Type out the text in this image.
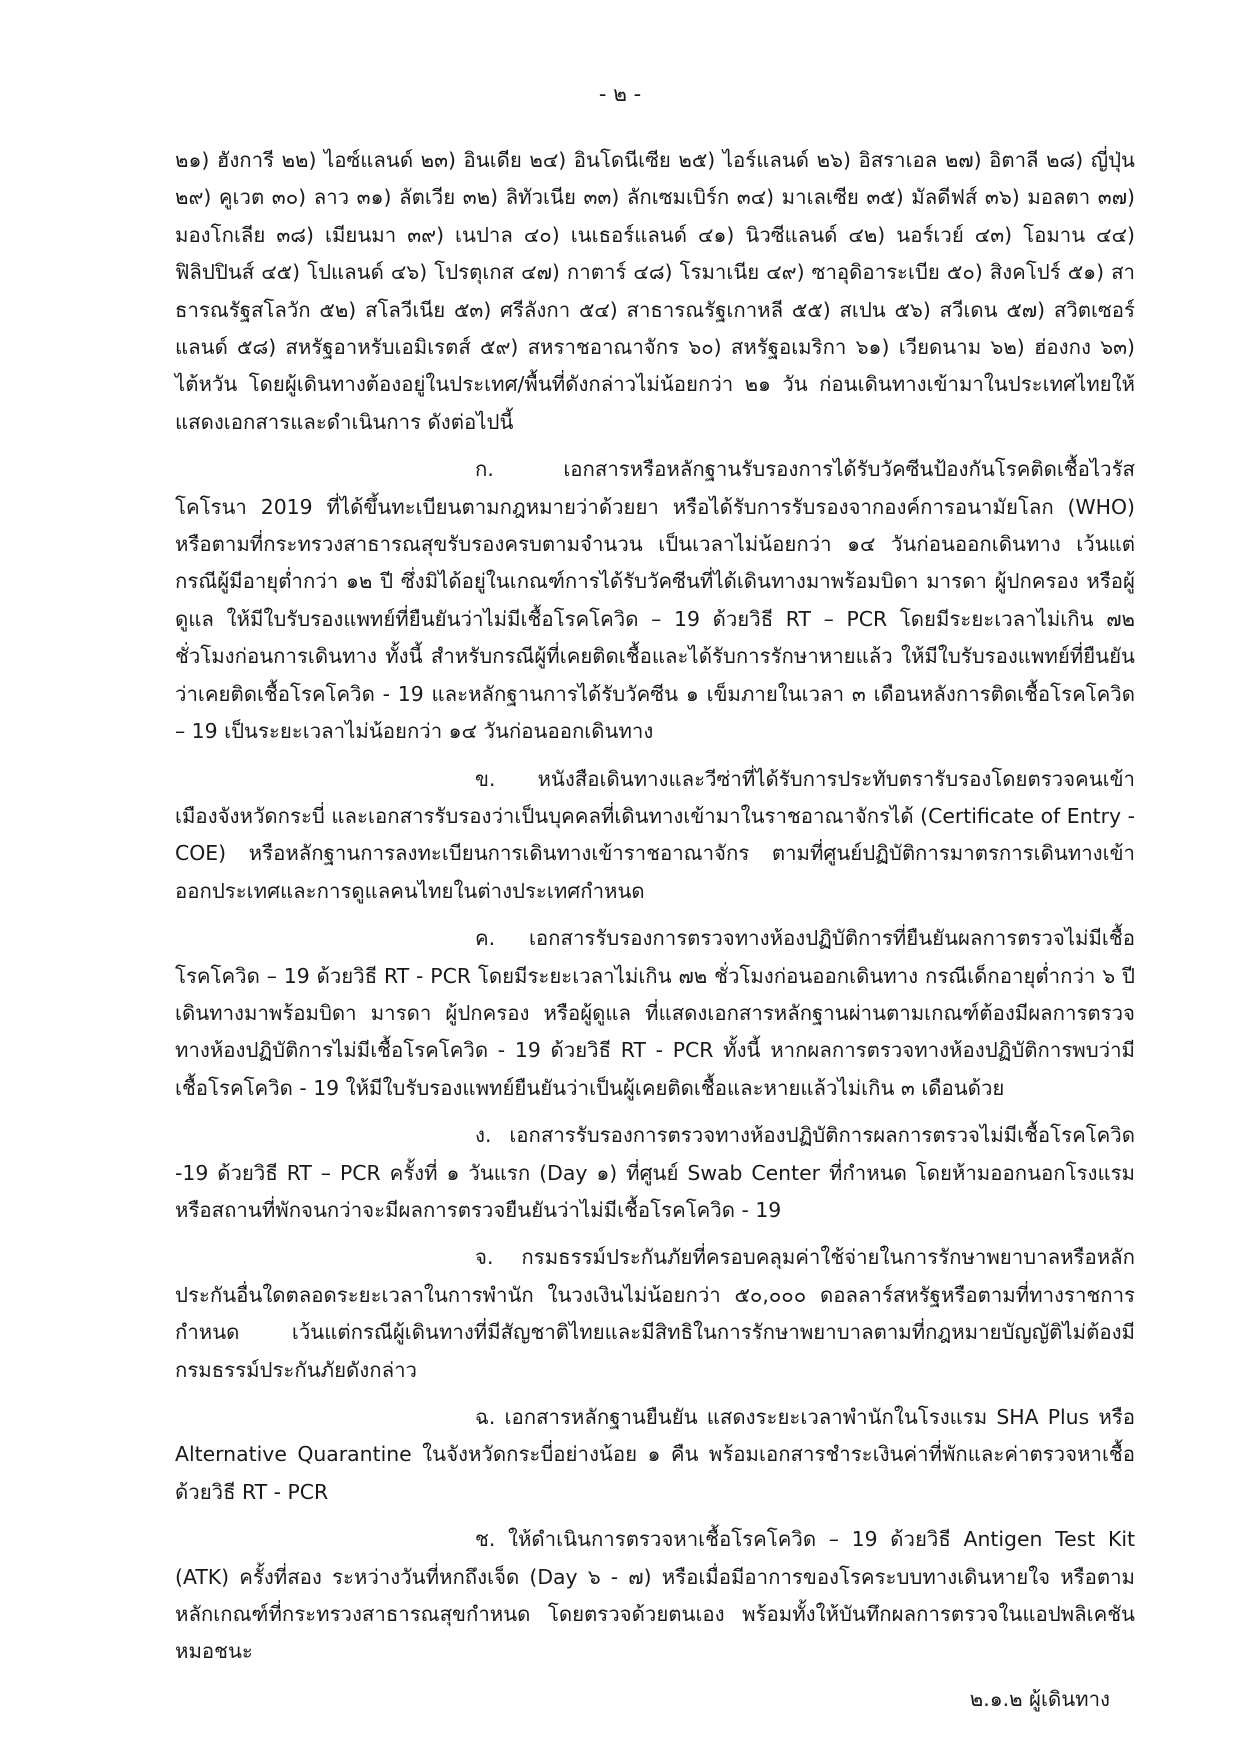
- ๒ -

๒๑) ฮังการี ๒๒) ไอซ์แลนด์ ๒๓) อินเดีย ๒๔) อินโดนีเซีย ๒๕) ไอร์แลนด์ ๒๖) อิสราเอล ๒๗) อิตาลี ๒๘) ญี่ปุ่น ๒๙) คูเวต ๓๐) ลาว ๓๑) ลัตเวีย ๓๒) ลิทัวเนีย ๓๓) ลักเซมเบิร์ก ๓๔) มาเลเซีย ๓๕) มัลดีฟส์ ๓๖) มอลตา ๓๗) มองโกเลีย ๓๘) เมียนมา ๓๙) เนปาล ๔๐) เนเธอร์แลนด์ ๔๑) นิวซีแลนด์ ๔๒) นอร์เวย์ ๔๓) โอมาน ๔๔) ฟิลิปปินส์ ๔๕) โปแลนด์ ๔๖) โปรตุเกส ๔๗) กาตาร์ ๔๘) โรมาเนีย ๔๙) ซาอุดิอาระเบีย ๕๐) สิงคโปร์ ๕๑) สาธารณรัฐสโลวัก ๕๒) สโลวีเนีย ๕๓) ศรีลังกา ๕๔) สาธารณรัฐเกาหลี ๕๕) สเปน ๕๖) สวีเดน ๕๗) สวิตเซอร์แลนด์ ๕๘) สหรัฐอาหรับเอมิเรตส์ ๕๙) สหราชอาณาจักร ๖๐) สหรัฐอเมริกา ๖๑) เวียดนาม ๖๒) ฮ่องกง ๖๓) ไต้หวัน โดยผู้เดินทางต้องอยู่ในประเทศ/พื้นที่ดังกล่าวไม่น้อยกว่า ๒๑ วัน ก่อนเดินทางเข้ามาในประเทศไทยให้แสดงเอกสารและดำเนินการ ดังต่อไปนี้

ก. เอกสารหรือหลักฐานรับรองการได้รับวัคซีนป้องกันโรคติดเชื้อไวรัสโคโรนา 2019 ที่ได้ขึ้นทะเบียนตามกฎหมายว่าด้วยยา หรือได้รับการรับรองจากองค์การอนามัยโลก (WHO) หรือตามที่กระทรวงสาธารณสุขรับรองครบตามจำนวน เป็นเวลาไม่น้อยกว่า ๑๔ วันก่อนออกเดินทาง เว้นแต่กรณีผู้มีอายุต่ำกว่า ๑๒ ปี ซึ่งมิได้อยู่ในเกณฑ์การได้รับวัคซีนที่ได้เดินทางมาพร้อมบิดา มารดา ผู้ปกครอง หรือผู้ดูแล ให้มีใบรับรองแพทย์ที่ยืนยันว่าไม่มีเชื้อโรคโควิด – 19 ด้วยวิธี RT – PCR โดยมีระยะเวลาไม่เกิน ๗๒ ชั่วโมงก่อนการเดินทาง ทั้งนี้ สำหรับกรณีผู้ที่เคยติดเชื้อและได้รับการรักษาหายแล้ว ให้มีใบรับรองแพทย์ที่ยืนยันว่าเคยติดเชื้อโรคโควิด - 19 และหลักฐานการได้รับวัคซีน ๑ เข็มภายในเวลา ๓ เดือนหลังการติดเชื้อโรคโควิด – 19 เป็นระยะเวลาไม่น้อยกว่า ๑๔ วันก่อนออกเดินทาง

ข. หนังสือเดินทางและวีซ่าที่ได้รับการประทับตรารับรองโดยตรวจคนเข้าเมืองจังหวัดกระบี่ และเอกสารรับรองว่าเป็นบุคคลที่เดินทางเข้ามาในราชอาณาจักรได้ (Certificate of Entry - COE) หรือหลักฐานการลงทะเบียนการเดินทางเข้าราชอาณาจักร ตามที่ศูนย์ปฏิบัติการมาตรการเดินทางเข้าออกประเทศและการดูแลคนไทยในต่างประเทศกำหนด

ค. เอกสารรับรองการตรวจทางห้องปฏิบัติการที่ยืนยันผลการตรวจไม่มีเชื้อโรคโควิด – 19 ด้วยวิธี RT - PCR โดยมีระยะเวลาไม่เกิน ๗๒ ชั่วโมงก่อนออกเดินทาง กรณีเด็กอายุต่ำกว่า ๖ ปี เดินทางมาพร้อมบิดา มารดา ผู้ปกครอง หรือผู้ดูแล ที่แสดงเอกสารหลักฐานผ่านตามเกณฑ์ต้องมีผลการตรวจทางห้องปฏิบัติการไม่มีเชื้อโรคโควิด - 19 ด้วยวิธี RT - PCR ทั้งนี้ หากผลการตรวจทางห้องปฏิบัติการพบว่ามีเชื้อโรคโควิด - 19 ให้มีใบรับรองแพทย์ยืนยันว่าเป็นผู้เคยติดเชื้อและหายแล้วไม่เกิน ๓ เดือนด้วย

ง. เอกสารรับรองการตรวจทางห้องปฏิบัติการผลการตรวจไม่มีเชื้อโรคโควิด -19 ด้วยวิธี RT – PCR ครั้งที่ ๑ วันแรก (Day ๑) ที่ศูนย์ Swab Center ที่กำหนด โดยห้ามออกนอกโรงแรมหรือสถานที่พักจนกว่าจะมีผลการตรวจยืนยันว่าไม่มีเชื้อโรคโควิด - 19

จ. กรมธรรม์ประกันภัยที่ครอบคลุมค่าใช้จ่ายในการรักษาพยาบาลหรือหลักประกันอื่นใดตลอดระยะเวลาในการพำนัก ในวงเงินไม่น้อยกว่า ๕๐,๐๐๐ ดอลลาร์สหรัฐหรือตามที่ทางราชการกำหนด เว้นแต่กรณีผู้เดินทางที่มีสัญชาติไทยและมีสิทธิในการรักษาพยาบาลตามที่กฎหมายบัญญัติไม่ต้องมีกรมธรรม์ประกันภัยดังกล่าว

ฉ. เอกสารหลักฐานยืนยัน แสดงระยะเวลาพำนักในโรงแรม SHA Plus หรือ Alternative Quarantine ในจังหวัดกระบี่อย่างน้อย ๑ คืน พร้อมเอกสารชำระเงินค่าที่พักและค่าตรวจหาเชื้อด้วยวิธี RT - PCR

ช. ให้ดำเนินการตรวจหาเชื้อโรคโควิด – 19 ด้วยวิธี Antigen Test Kit (ATK) ครั้งที่สอง ระหว่างวันที่หกถึงเจ็ด (Day ๖ - ๗) หรือเมื่อมีอาการของโรคระบบทางเดินหายใจ หรือตามหลักเกณฑ์ที่กระทรวงสาธารณสุขกำหนด โดยตรวจด้วยตนเอง พร้อมทั้งให้บันทึกผลการตรวจในแอปพลิเคชันหมอชนะ

๒.๑.๒ ผู้เดินทาง
